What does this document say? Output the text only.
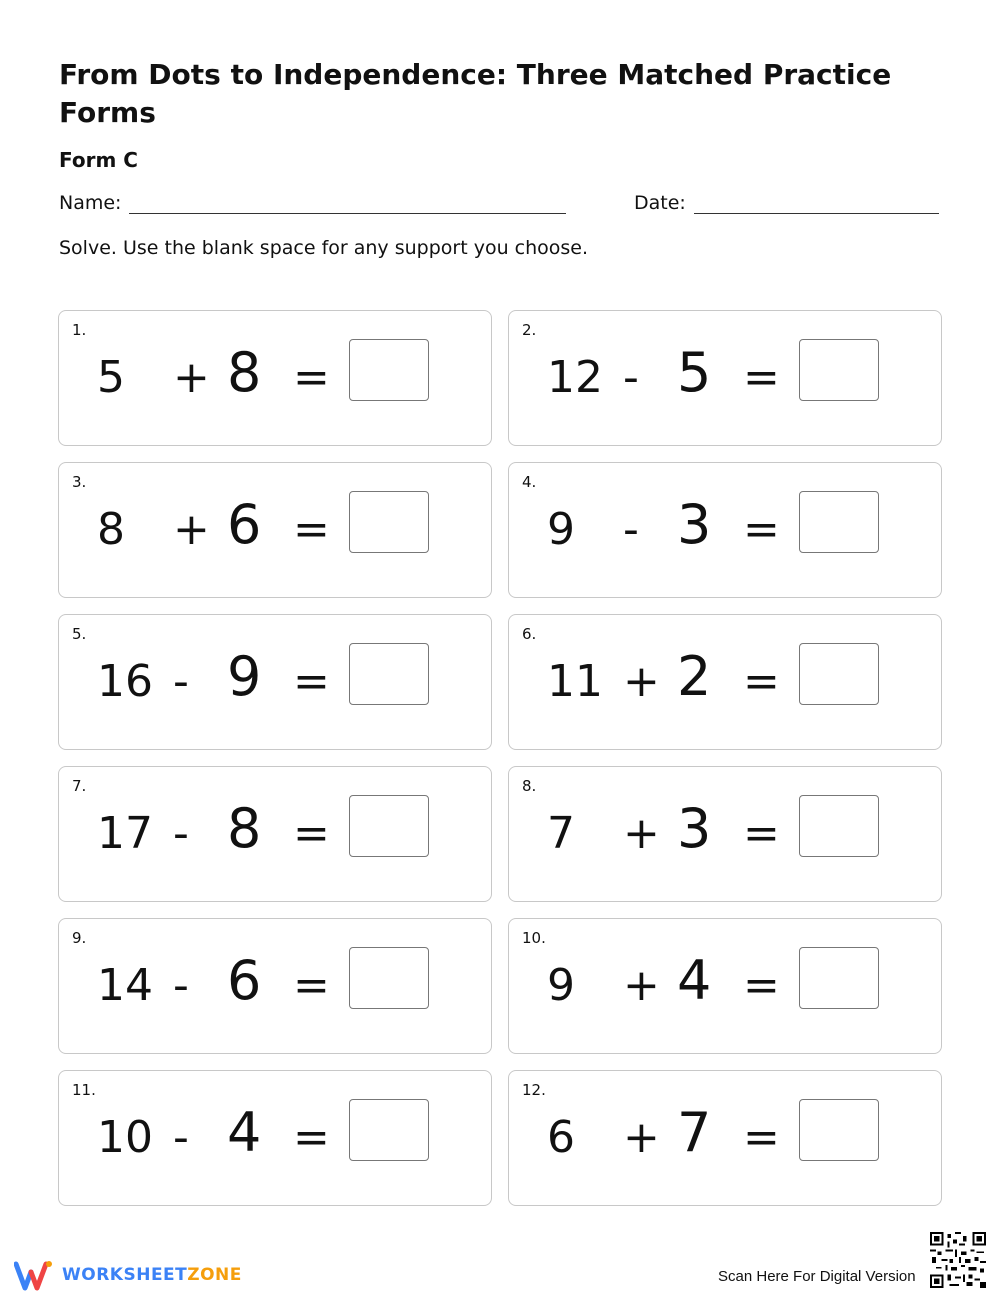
From Dots to Independence: Three Matched Practice Forms
Form C
Name:	Date:
Solve. Use the blank space for any support you choose.
1.
5 + 8 =
2.
12 - 5 =
3.
8 + 6 =
4.
9 - 3 =
5.
16 - 9 =
6.
11 + 2 =
7.
17 - 8 =
8.
7 + 3 =
9.
14 - 6 =
10.
9 + 4 =
11.
10 - 4 =
12.
6 + 7 =
WORKSHEETZONE	Scan Here For Digital Version
